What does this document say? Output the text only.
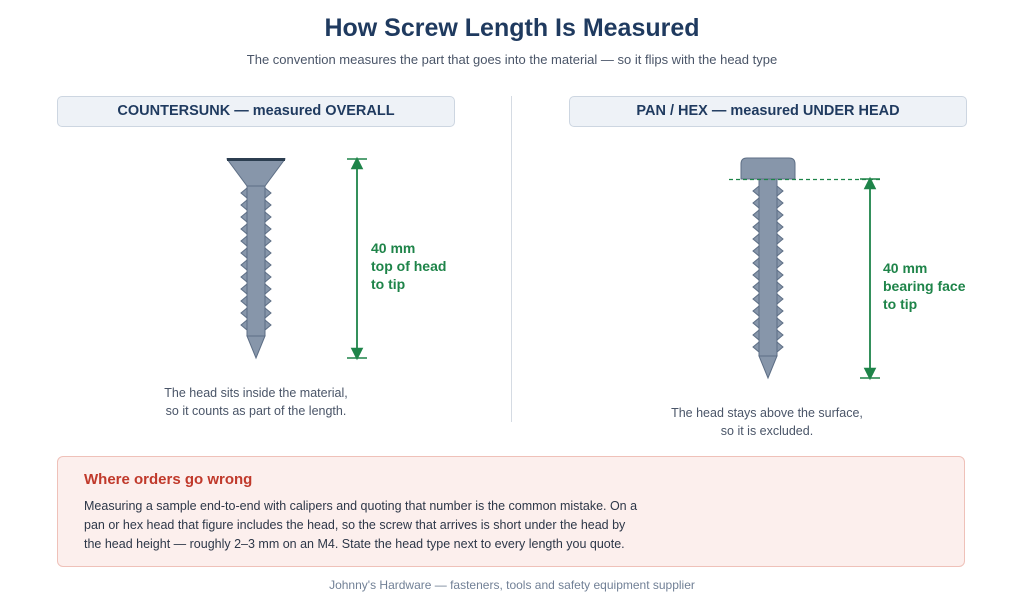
How Screw Length Is Measured
The convention measures the part that goes into the material — so it flips with the head type
COUNTERSUNK — measured OVERALL	PAN / HEX — measured UNDER HEAD
40 mm
top of head
to tip
40 mm
bearing face
to tip
The head sits inside the material,
so it counts as part of the length.	The head stays above the surface,
so it is excluded.
Where orders go wrong
Measuring a sample end-to-end with calipers and quoting that number is the common mistake. On a
pan or hex head that figure includes the head, so the screw that arrives is short under the head by
the head height — roughly 2–3 mm on an M4. State the head type next to every length you quote.
Johnny's Hardware — fasteners, tools and safety equipment supplier
